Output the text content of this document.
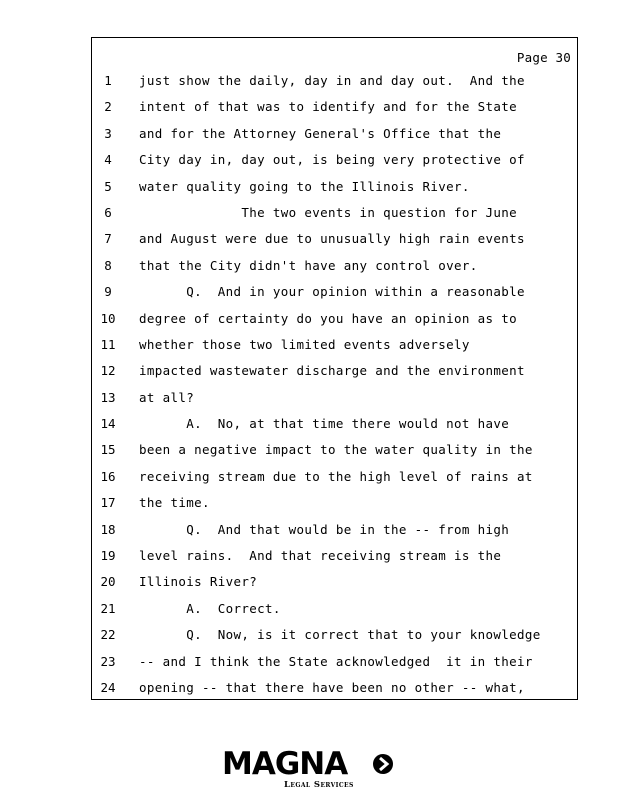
Page 30
1	just show the daily, day in and day out.  And the
2	intent of that was to identify and for the State
3	and for the Attorney General's Office that the
4	City day in, day out, is being very protective of
5	water quality going to the Illinois River.
6	The two events in question for June
7	and August were due to unusually high rain events
8	that the City didn't have any control over.
9	Q.  And in your opinion within a reasonable
10	degree of certainty do you have an opinion as to
11	whether those two limited events adversely
12	impacted wastewater discharge and the environment
13	at all?
14	A.  No, at that time there would not have
15	been a negative impact to the water quality in the
16	receiving stream due to the high level of rains at
17	the time.
18	Q.  And that would be in the -- from high
19	level rains.  And that receiving stream is the
20	Illinois River?
21	A.  Correct.
22	Q.  Now, is it correct that to your knowledge
23	-- and I think the State acknowledged  it in their
24	opening -- that there have been no other -- what,
MAGNA
Legal Services
